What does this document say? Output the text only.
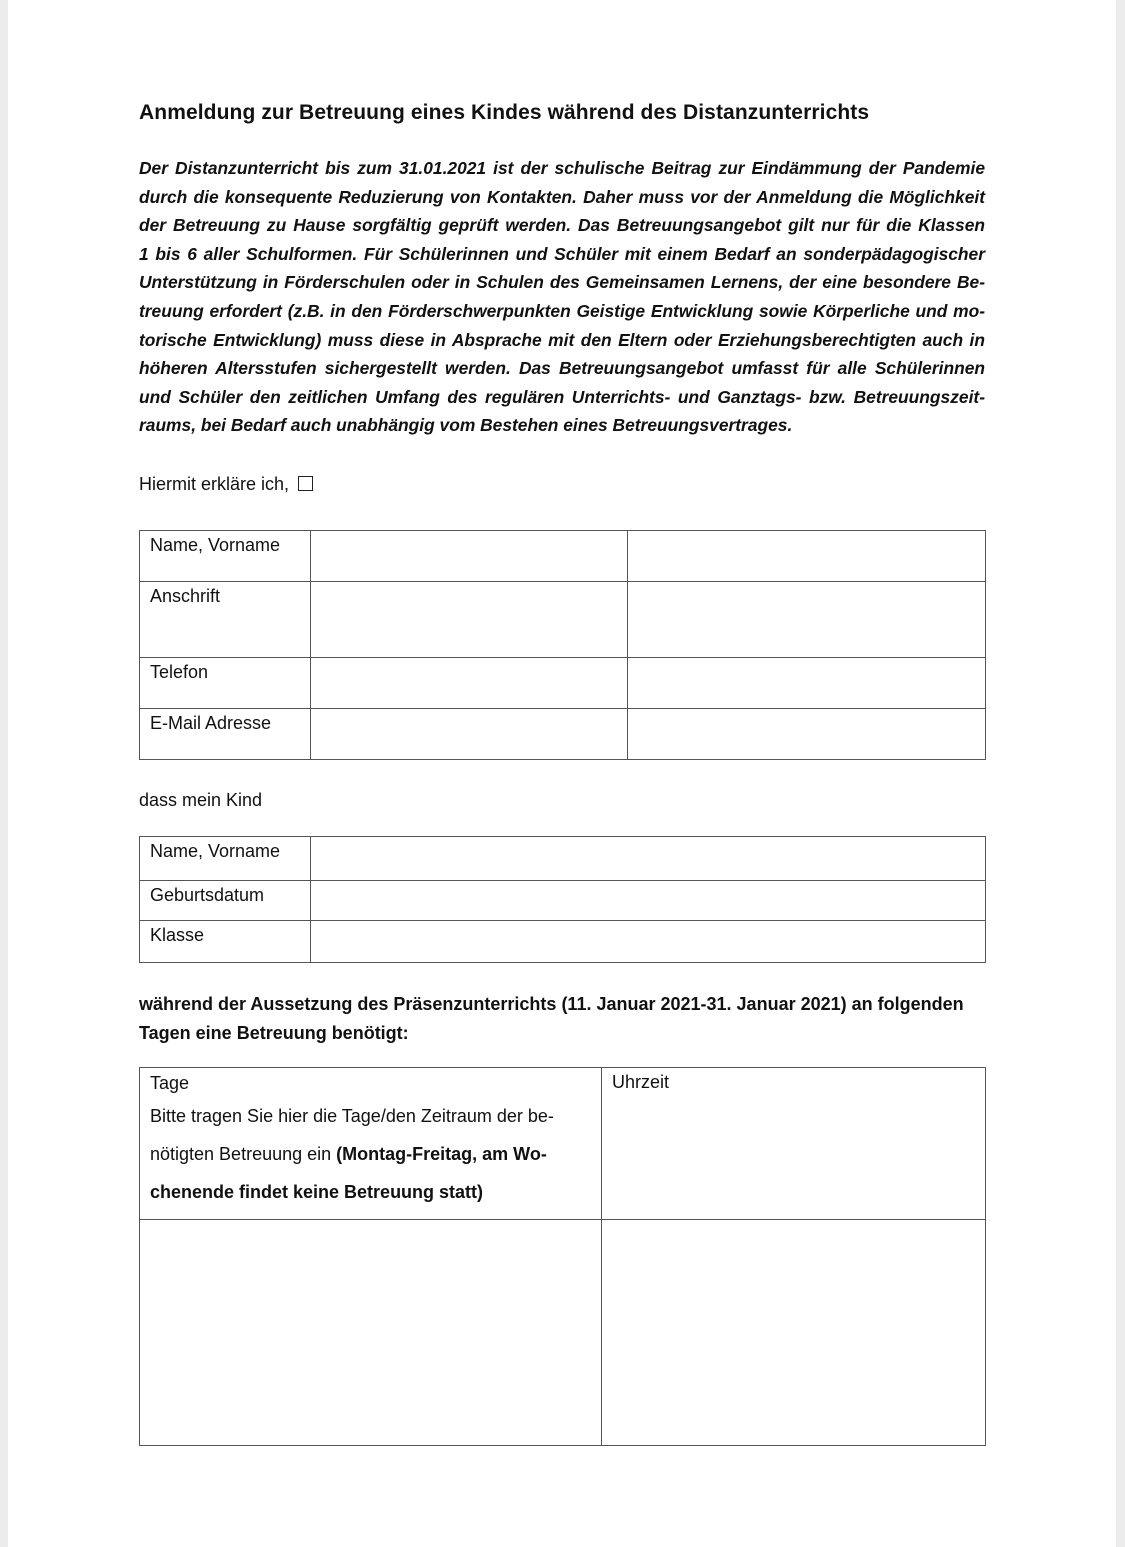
Anmeldung zur Betreuung eines Kindes während des Distanzunterrichts
Der Distanzunterricht bis zum 31.01.2021 ist der schulische Beitrag zur Eindämmung der Pandemie
durch die konsequente Reduzierung von Kontakten. Daher muss vor der Anmeldung die Möglichkeit
der Betreuung zu Hause sorgfältig geprüft werden. Das Betreuungsangebot gilt nur für die Klassen
1 bis 6 aller Schulformen. Für Schülerinnen und Schüler mit einem Bedarf an sonderpädagogischer
Unterstützung in Förderschulen oder in Schulen des Gemeinsamen Lernens, der eine besondere Be-
treuung erfordert (z.B. in den Förderschwerpunkten Geistige Entwicklung sowie Körperliche und mo-
torische Entwicklung) muss diese in Absprache mit den Eltern oder Erziehungsberechtigten auch in
höheren Altersstufen sichergestellt werden. Das Betreuungsangebot umfasst für alle Schülerinnen
und Schüler den zeitlichen Umfang des regulären Unterrichts- und Ganztags- bzw. Betreuungszeit-
raums, bei Bedarf auch unabhängig vom Bestehen eines Betreuungsvertrages.
Hiermit erkläre ich,
Name, Vorname		
Anschrift		
Telefon		
E-Mail Adresse		
dass mein Kind
Name, Vorname	
Geburtsdatum	
Klasse	
während der Aussetzung des Präsenzunterrichts (11. Januar 2021-31. Januar 2021) an folgenden Tagen eine Betreuung benötigt:
Tage
Bitte tragen Sie hier die Tage/den Zeitraum der be-
nötigten Betreuung ein (Montag-Freitag, am Wo-
chenende findet keine Betreuung statt)	Uhrzeit
